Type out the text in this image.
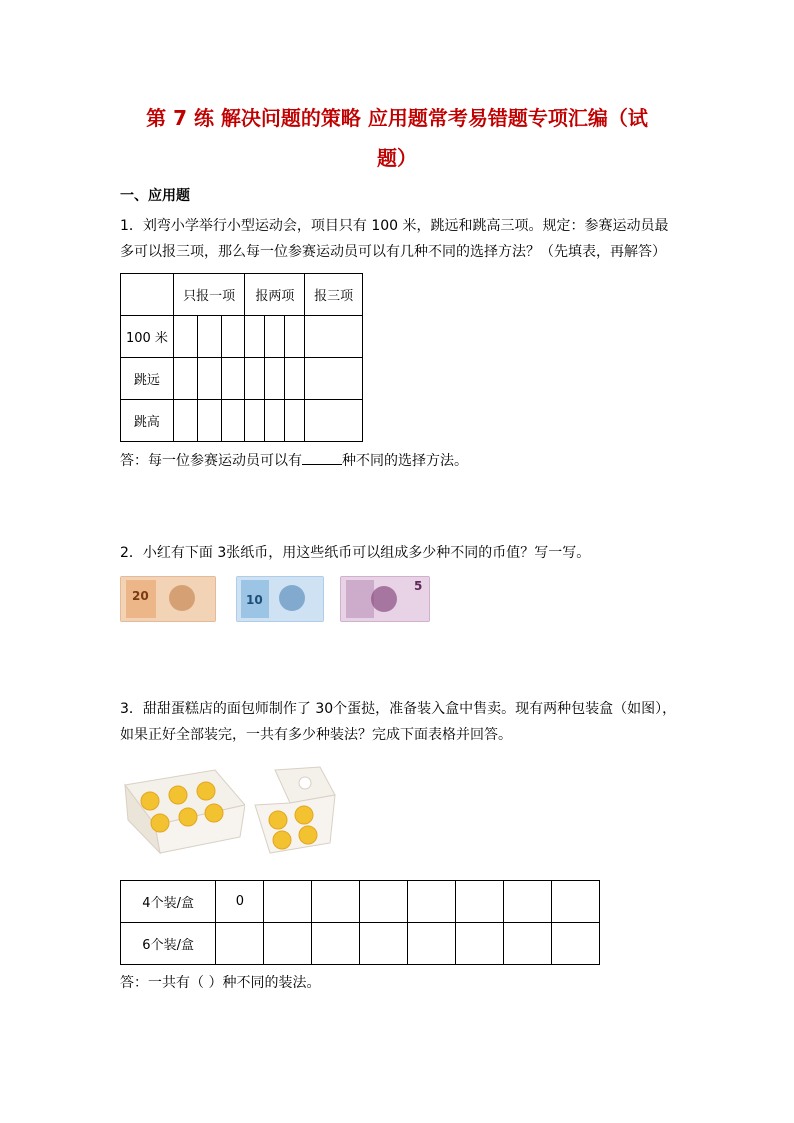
第 7 练 解决问题的策略 应用题常考易错题专项汇编（试
题）
一、应用题
1．刘弯小学举行小型运动会，项目只有 100 米，跳远和跳高三项。规定：参赛运动员最多可以报三项，那么每一位参赛运动员可以有几种不同的选择方法？（先填表，再解答）
	只报一项			报两项			报三项
100 米							
跳远							
跳高							
答：每一位参赛运动员可以有	种不同的选择方法。
2．小红有下面 3张纸币，用这些纸币可以组成多少种不同的币值？写一写。
20	10
5
3．甜甜蛋糕店的面包师制作了 30个蛋挞，准备装入盒中售卖。现有两种包装盒（如图），如果正好全部装完，一共有多少种装法？完成下面表格并回答。
4个装/盒	0							
6个装/盒								
答：一共有（ ）种不同的装法。
